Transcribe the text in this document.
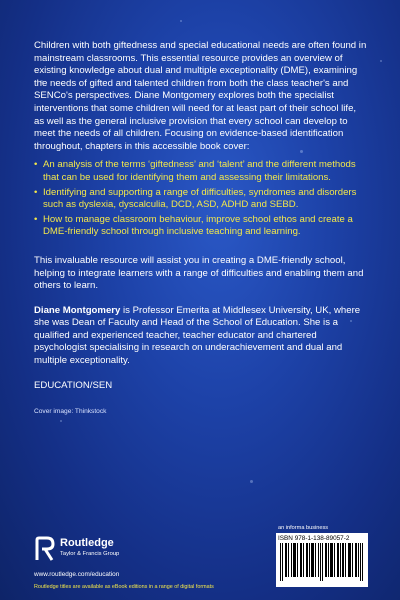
Children with both giftedness and special educational needs are often found in mainstream classrooms. This essential resource provides an overview of existing knowledge about dual and multiple exceptionality (DME), examining the needs of gifted and talented children from both the class teacher's and SENCo's perspectives. Diane Montgomery explores both the specialist interventions that some children will need for at least part of their school life, as well as the general inclusive provision that every school can develop to meet the needs of all children. Focusing on evidence-based identification throughout, chapters in this accessible book cover:

• An analysis of the terms ‘giftedness’ and ‘talent’ and the different methods that can be used for identifying them and assessing their limitations.
• Identifying and supporting a range of difficulties, syndromes and disorders such as dyslexia, dyscalculia, DCD, ASD, ADHD and SEBD.
• How to manage classroom behaviour, improve school ethos and create a DME-friendly school through inclusive teaching and learning.

This invaluable resource will assist you in creating a DME-friendly school, helping to integrate learners with a range of difficulties and enabling them and others to learn.

Diane Montgomery is Professor Emerita at Middlesex University, UK, where she was Dean of Faculty and Head of the School of Education. She is a qualified and experienced teacher, teacher educator and chartered psychologist specialising in research on underachievement and dual and multiple exceptionality.

EDUCATION/SEN

Cover image: Thinkstock

Routledge
Taylor & Francis Group
www.routledge.com/education
an informa business
ISBN 978-1-138-89057-2
Routledge titles are available as eBook editions in a range of digital formats
